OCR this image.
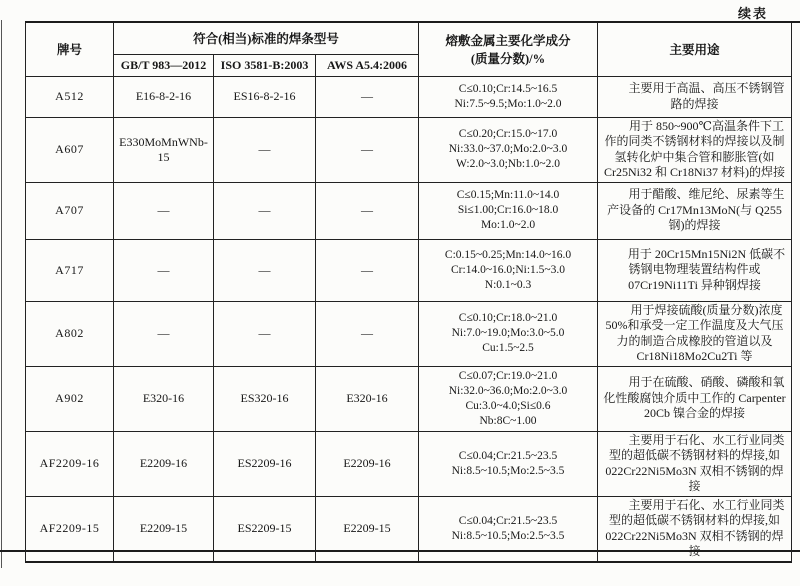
续表
牌号	符合(相当)标准的焊条型号			熔敷金属主要化学成分
(质量分数)/%	主要用途
	GB/T 983—2012	ISO 3581-B:2003	AWS A5.4:2006		
A512	E16-8-2-16	ES16-8-2-16	—	C≤0.10;Cr:14.5~16.5
Ni:7.5~9.5;Mo:1.0~2.0	主要用于高温、高压不锈钢管路的焊接

A607	E330MoMnWNb-15	—	—	C≤0.20;Cr:15.0~17.0
Ni:33.0~37.0;Mo:2.0~3.0
W:2.0~3.0;Nb:1.0~2.0	用于 850~900℃高温条件下工作的同类不锈钢材料的焊接以及制氢转化炉中集合管和膨胀管(如 Cr25Ni32 和 Cr18Ni37 材料)的焊接

A707	—	—	—	C≤0.15;Mn:11.0~14.0
Si≤1.00;Cr:16.0~18.0
Mo:1.0~2.0	用于醋酸、维尼纶、尿素等生产设备的 Cr17Mn13MoN(与 Q255 钢)的焊接

A717	—	—	—	C:0.15~0.25;Mn:14.0~16.0
Cr:14.0~16.0;Ni:1.5~3.0
N:0.1~0.3	用于 20Cr15Mn15Ni2N 低碳不锈钢电物理装置结构件或 07Cr19Ni11Ti 异种钢焊接

A802	—	—	—	C≤0.10;Cr:18.0~21.0
Ni:7.0~19.0;Mo:3.0~5.0
Cu:1.5~2.5	用于焊接硫酸(质量分数)浓度 50%和承受一定工作温度及大气压力的制造合成橡胶的管道以及 Cr18Ni18Mo2Cu2Ti 等

A902	E320-16	ES320-16	E320-16	C≤0.07;Cr:19.0~21.0
Ni:32.0~36.0;Mo:2.0~3.0
Cu:3.0~4.0;Si≤0.6
Nb:8C~1.00	用于在硫酸、硝酸、磷酸和氧化性酸腐蚀介质中工作的 Carpenter 20Cb 镍合金的焊接

AF2209-16	E2209-16	ES2209-16	E2209-16	C≤0.04;Cr:21.5~23.5
Ni:8.5~10.5;Mo:2.5~3.5	主要用于石化、水工行业同类型的超低碳不锈钢材料的焊接,如 022Cr22Ni5Mo3N 双相不锈钢的焊接

AF2209-15	E2209-15	ES2209-15	E2209-15	C≤0.04;Cr:21.5~23.5
Ni:8.5~10.5;Mo:2.5~3.5	主要用于石化、水工行业同类型的超低碳不锈钢材料的焊接,如 022Cr22Ni5Mo3N 双相不锈钢的焊接
